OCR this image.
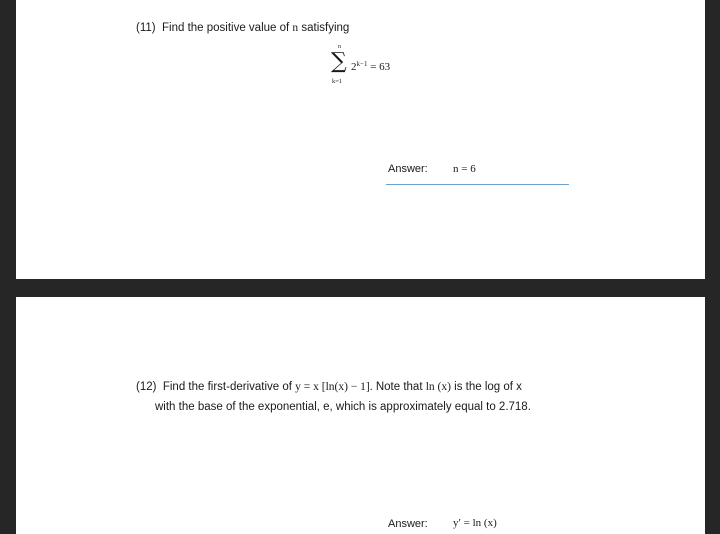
(11) Find the positive value of n satisfying
n
∑
k=1
$2^{k-1} = 63$
Answer: n = 6
(12) Find the first-derivative of y = x [ln(x) − 1]. Note that ln (x) is the log of x
with the base of the exponential, e, which is approximately equal to 2.718.
Answer: y′ = ln (x)
